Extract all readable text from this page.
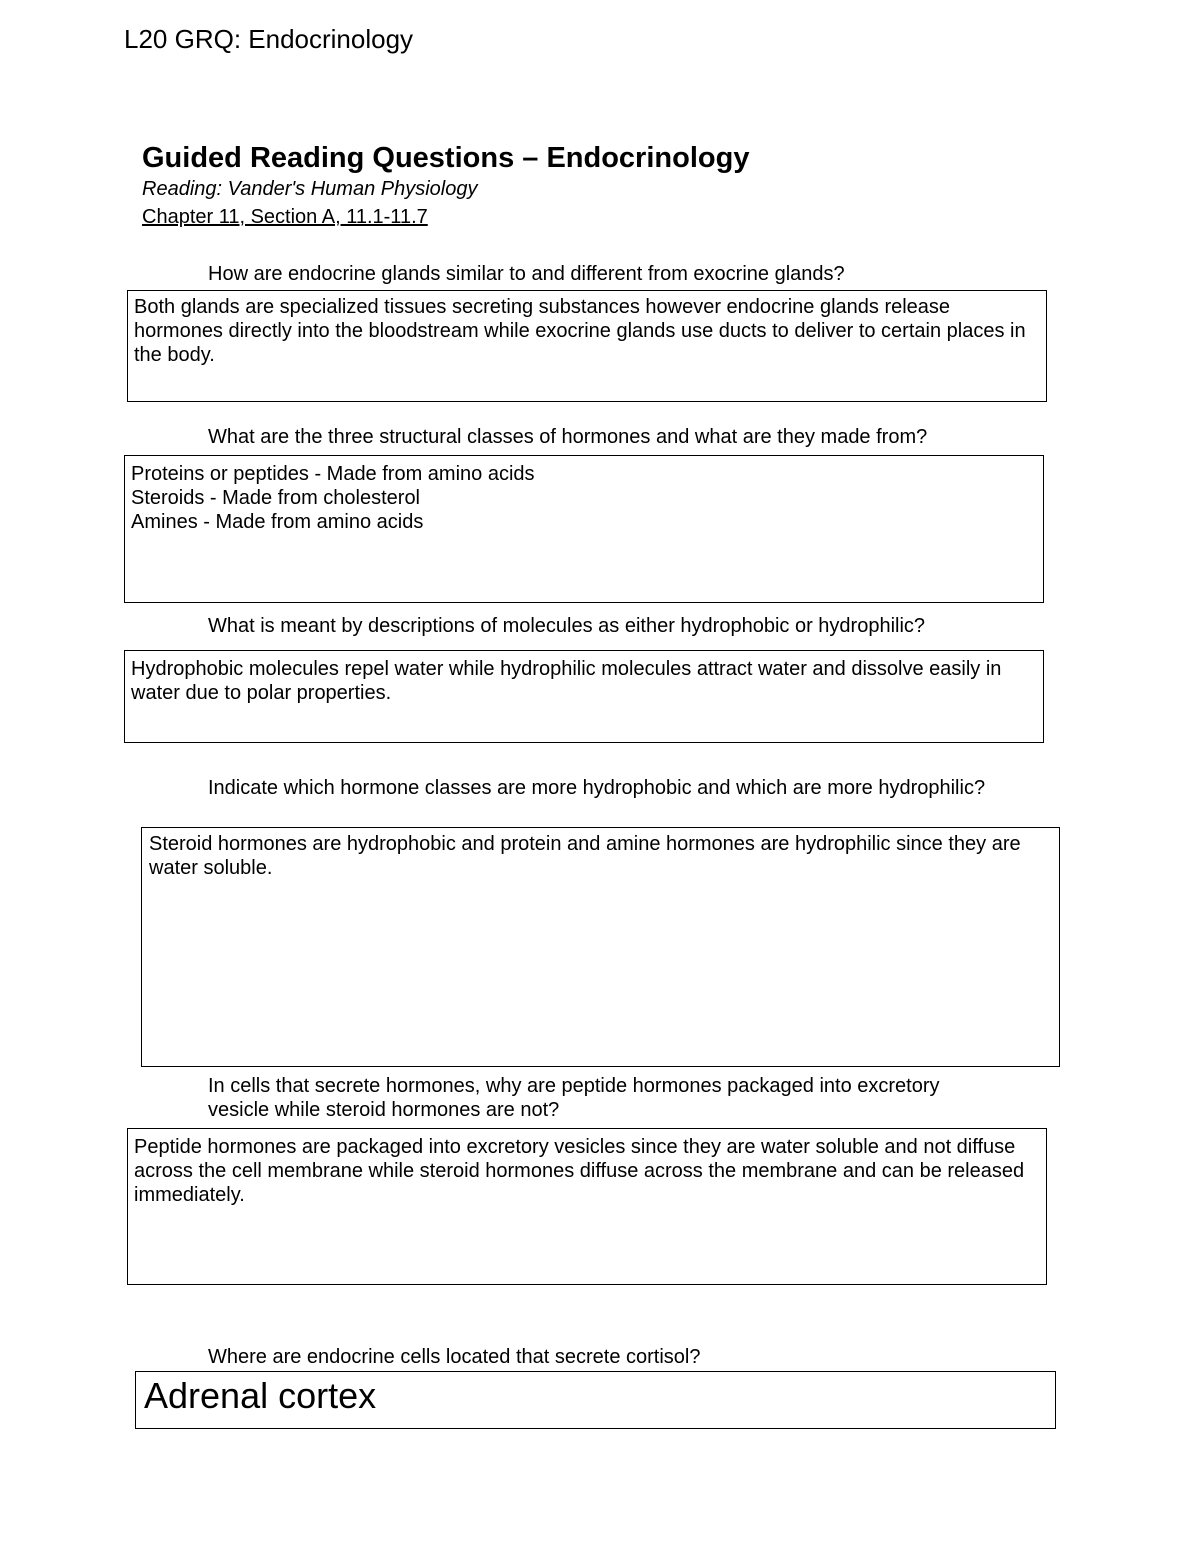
L20 GRQ: Endocrinology
Guided Reading Questions – Endocrinology
Reading: Vander's Human Physiology
Chapter 11, Section A, 11.1-11.7
How are endocrine glands similar to and different from exocrine glands?
Both glands are specialized tissues secreting substances however endocrine glands release hormones directly into the bloodstream while exocrine glands use ducts to deliver to certain places in the body.
What are the three structural classes of hormones and what are they made from?
Proteins or peptides - Made from amino acids
Steroids - Made from cholesterol
Amines - Made from amino acids
What is meant by descriptions of molecules as either hydrophobic or hydrophilic?
Hydrophobic molecules repel water while hydrophilic molecules attract water and dissolve easily in water due to polar properties.
Indicate which hormone classes are more hydrophobic and which are more hydrophilic?
Steroid hormones are hydrophobic and protein and amine hormones are hydrophilic since they are water soluble.
In cells that secrete hormones, why are peptide hormones packaged into excretory vesicle while steroid hormones are not?
Peptide hormones are packaged into excretory vesicles since they are water soluble and not diffuse across the cell membrane while steroid hormones diffuse across the membrane and can be released immediately.
Where are endocrine cells located that secrete cortisol?
Adrenal cortex
